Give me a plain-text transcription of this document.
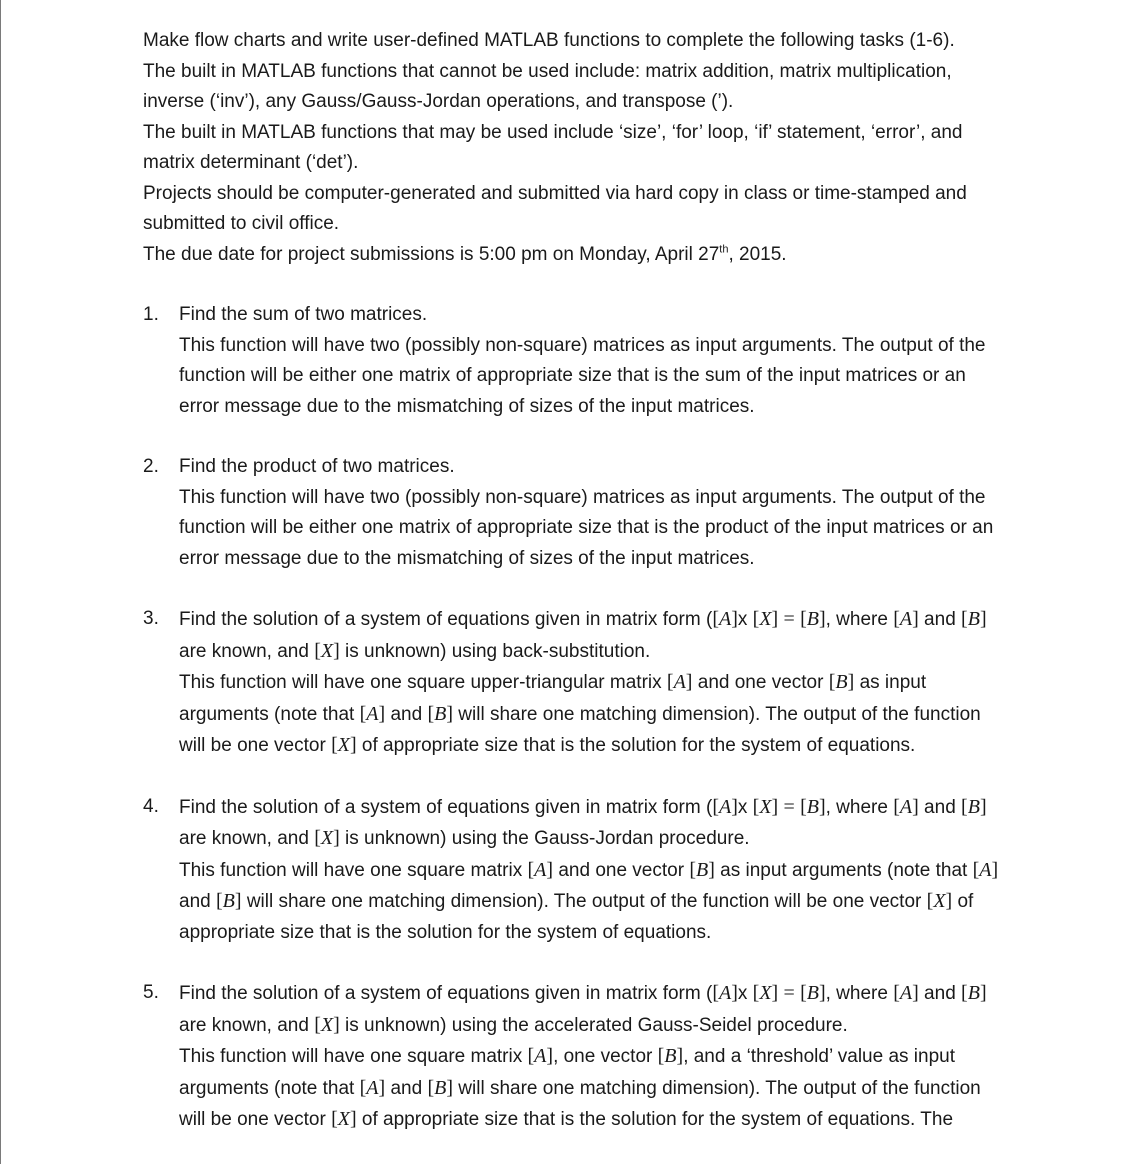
Make flow charts and write user-defined MATLAB functions to complete the following tasks (1-6).

The built in MATLAB functions that cannot be used include: matrix addition, matrix multiplication,

inverse (‘inv’), any Gauss/Gauss-Jordan operations, and transpose (’).

The built in MATLAB functions that may be used include ‘size’, ‘for’ loop, ‘if’ statement, ‘error’, and

matrix determinant (‘det’).

Projects should be computer-generated and submitted via hard copy in class or time-stamped and

submitted to civil office.

The due date for project submissions is 5:00 pm on Monday, April 27th, 2015.

1.	Find the sum of two matrices.

This function will have two (possibly non-square) matrices as input arguments. The output of the

function will be either one matrix of appropriate size that is the sum of the input matrices or an

error message due to the mismatching of sizes of the input matrices.

2.	Find the product of two matrices.

This function will have two (possibly non-square) matrices as input arguments. The output of the

function will be either one matrix of appropriate size that is the product of the input matrices or an

error message due to the mismatching of sizes of the input matrices.

3.	Find the solution of a system of equations given in matrix form ([A]x [X] = [B], where [A] and [B]

are known, and [X] is unknown) using back-substitution.

This function will have one square upper-triangular matrix [A] and one vector [B] as input

arguments (note that [A] and [B] will share one matching dimension). The output of the function

will be one vector [X] of appropriate size that is the solution for the system of equations.

4.	Find the solution of a system of equations given in matrix form ([A]x [X] = [B], where [A] and [B]

are known, and [X] is unknown) using the Gauss-Jordan procedure.

This function will have one square matrix [A] and one vector [B] as input arguments (note that [A]

and [B] will share one matching dimension). The output of the function will be one vector [X] of

appropriate size that is the solution for the system of equations.

5.	Find the solution of a system of equations given in matrix form ([A]x [X] = [B], where [A] and [B]

are known, and [X] is unknown) using the accelerated Gauss-Seidel procedure.

This function will have one square matrix [A], one vector [B], and a ‘threshold’ value as input

arguments (note that [A] and [B] will share one matching dimension). The output of the function

will be one vector [X] of appropriate size that is the solution for the system of equations. The
